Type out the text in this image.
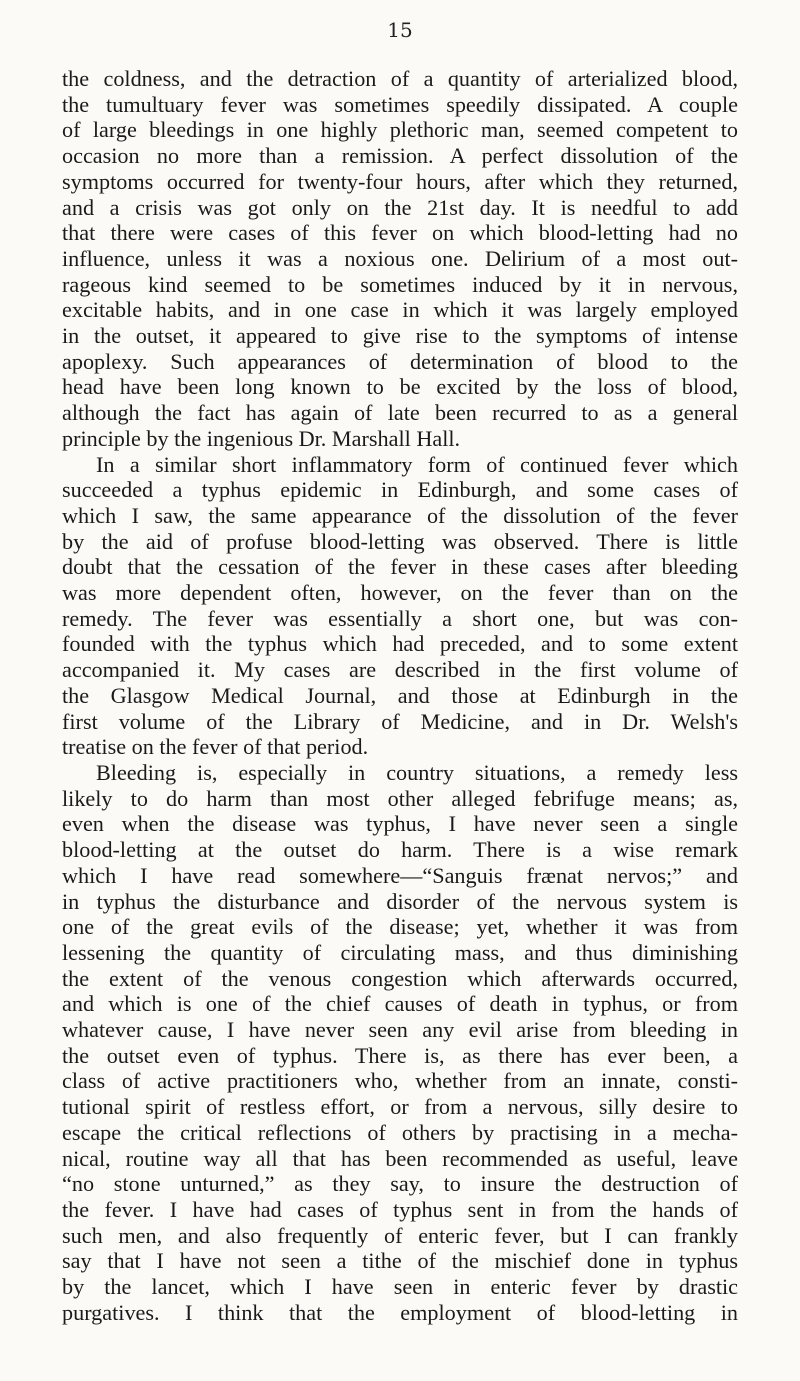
15
the coldness, and the detraction of a quantity of arterialized blood,
the tumultuary fever was sometimes speedily dissipated. A couple
of large bleedings in one highly plethoric man, seemed competent to
occasion no more than a remission. A perfect dissolution of the
symptoms occurred for twenty-four hours, after which they returned,
and a crisis was got only on the 21st day. It is needful to add
that there were cases of this fever on which blood-letting had no
influence, unless it was a noxious one. Delirium of a most out-
rageous kind seemed to be sometimes induced by it in nervous,
excitable habits, and in one case in which it was largely employed
in the outset, it appeared to give rise to the symptoms of intense
apoplexy. Such appearances of determination of blood to the
head have been long known to be excited by the loss of blood,
although the fact has again of late been recurred to as a general
principle by the ingenious Dr. Marshall Hall.
In a similar short inflammatory form of continued fever which
succeeded a typhus epidemic in Edinburgh, and some cases of
which I saw, the same appearance of the dissolution of the fever
by the aid of profuse blood-letting was observed. There is little
doubt that the cessation of the fever in these cases after bleeding
was more dependent often, however, on the fever than on the
remedy. The fever was essentially a short one, but was con-
founded with the typhus which had preceded, and to some extent
accompanied it. My cases are described in the first volume of
the Glasgow Medical Journal, and those at Edinburgh in the
first volume of the Library of Medicine, and in Dr. Welsh's
treatise on the fever of that period.
Bleeding is, especially in country situations, a remedy less
likely to do harm than most other alleged febrifuge means; as,
even when the disease was typhus, I have never seen a single
blood-letting at the outset do harm. There is a wise remark
which I have read somewhere—“Sanguis frænat nervos;” and
in typhus the disturbance and disorder of the nervous system is
one of the great evils of the disease; yet, whether it was from
lessening the quantity of circulating mass, and thus diminishing
the extent of the venous congestion which afterwards occurred,
and which is one of the chief causes of death in typhus, or from
whatever cause, I have never seen any evil arise from bleeding in
the outset even of typhus. There is, as there has ever been, a
class of active practitioners who, whether from an innate, consti-
tutional spirit of restless effort, or from a nervous, silly desire to
escape the critical reflections of others by practising in a mecha-
nical, routine way all that has been recommended as useful, leave
“no stone unturned,” as they say, to insure the destruction of
the fever. I have had cases of typhus sent in from the hands of
such men, and also frequently of enteric fever, but I can frankly
say that I have not seen a tithe of the mischief done in typhus
by the lancet, which I have seen in enteric fever by drastic
purgatives. I think that the employment of blood-letting in
